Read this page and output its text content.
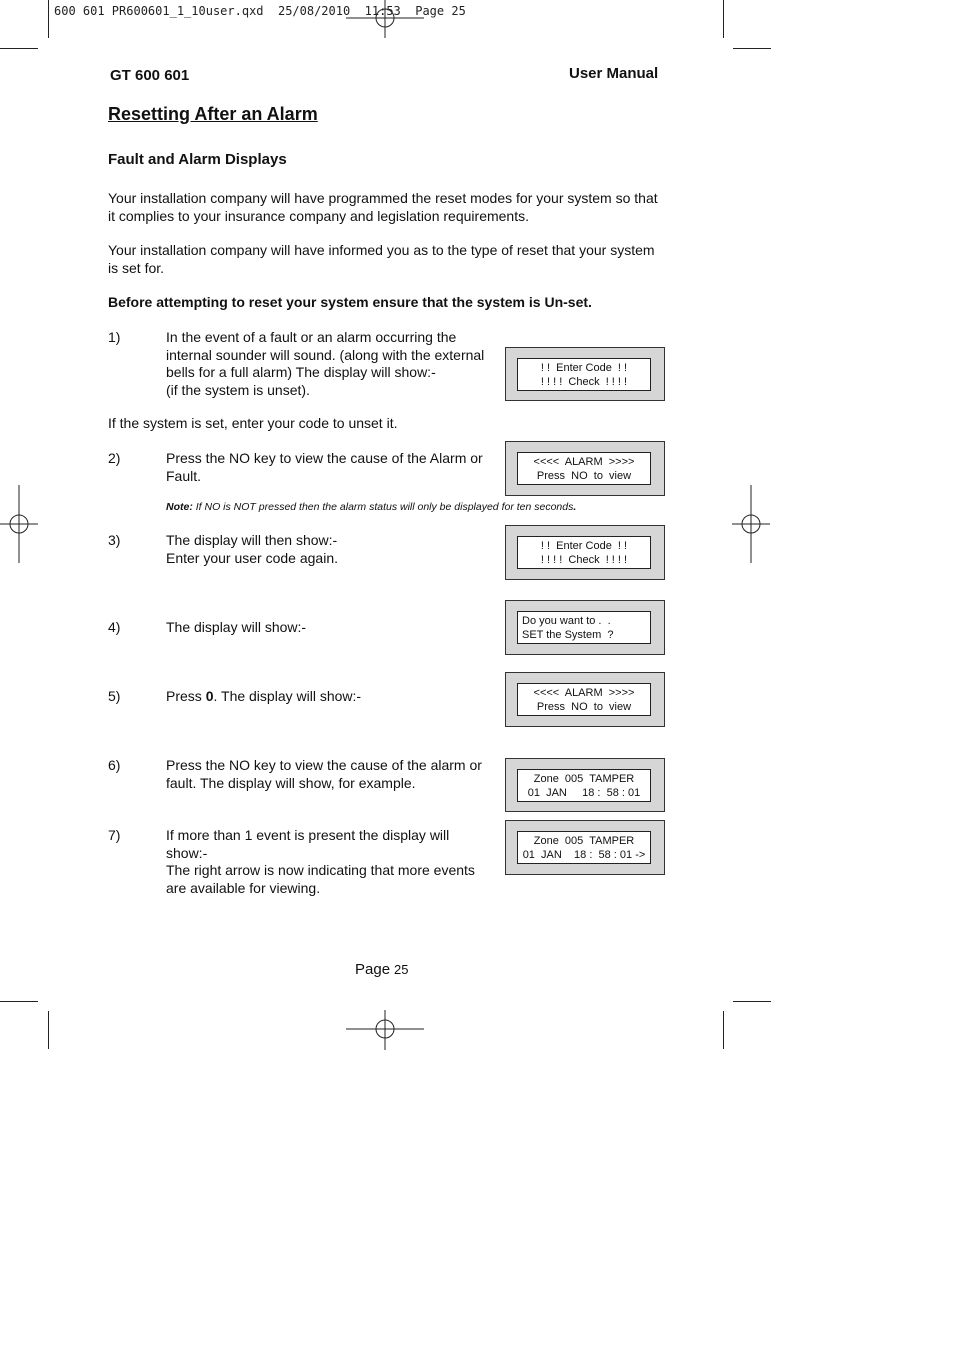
600 601 PR600601_1_10user.qxd  25/08/2010  11:53  Page 25
GT 600 601	User Manual
Resetting After an Alarm
Fault and Alarm Displays
Your installation company will have programmed the reset modes for your system so that it complies to your insurance company and legislation requirements.
Your installation company will have informed you as to the type of reset that your system is set for.
Before attempting to reset your system ensure that the system is Un-set.
1)	In the event of a fault or an alarm occurring the
internal sounder will sound. (along with the external
bells for a full alarm) The display will show:-
(if the system is unset).
If the system is set, enter your code to unset it.
2)	Press the NO key to view the cause of the Alarm or
Fault.
Note: If NO is NOT pressed then the alarm status will only be displayed for ten seconds.
3)	The display will then show:-
Enter your user code again.
4)	The display will show:-
5)	Press 0. The display will show:-
6)	Press the NO key to view the cause of the alarm or
fault. The display will show, for example.
7)	If more than 1 event is present the display will
show:-
The right arrow is now indicating that more events
are available for viewing.
! !  Enter Code  ! !
! ! ! !  Check  ! ! ! !
<<<<  ALARM  >>>>
Press  NO  to  view
! !  Enter Code  ! !
! ! ! !  Check  ! ! ! !
Do you want to .  .
SET the System  ?
<<<<  ALARM  >>>>
Press  NO  to  view
Zone  005  TAMPER
01  JAN     18 :  58 : 01
Zone  005  TAMPER
01  JAN    18 :  58 : 01 ->
Page 25
